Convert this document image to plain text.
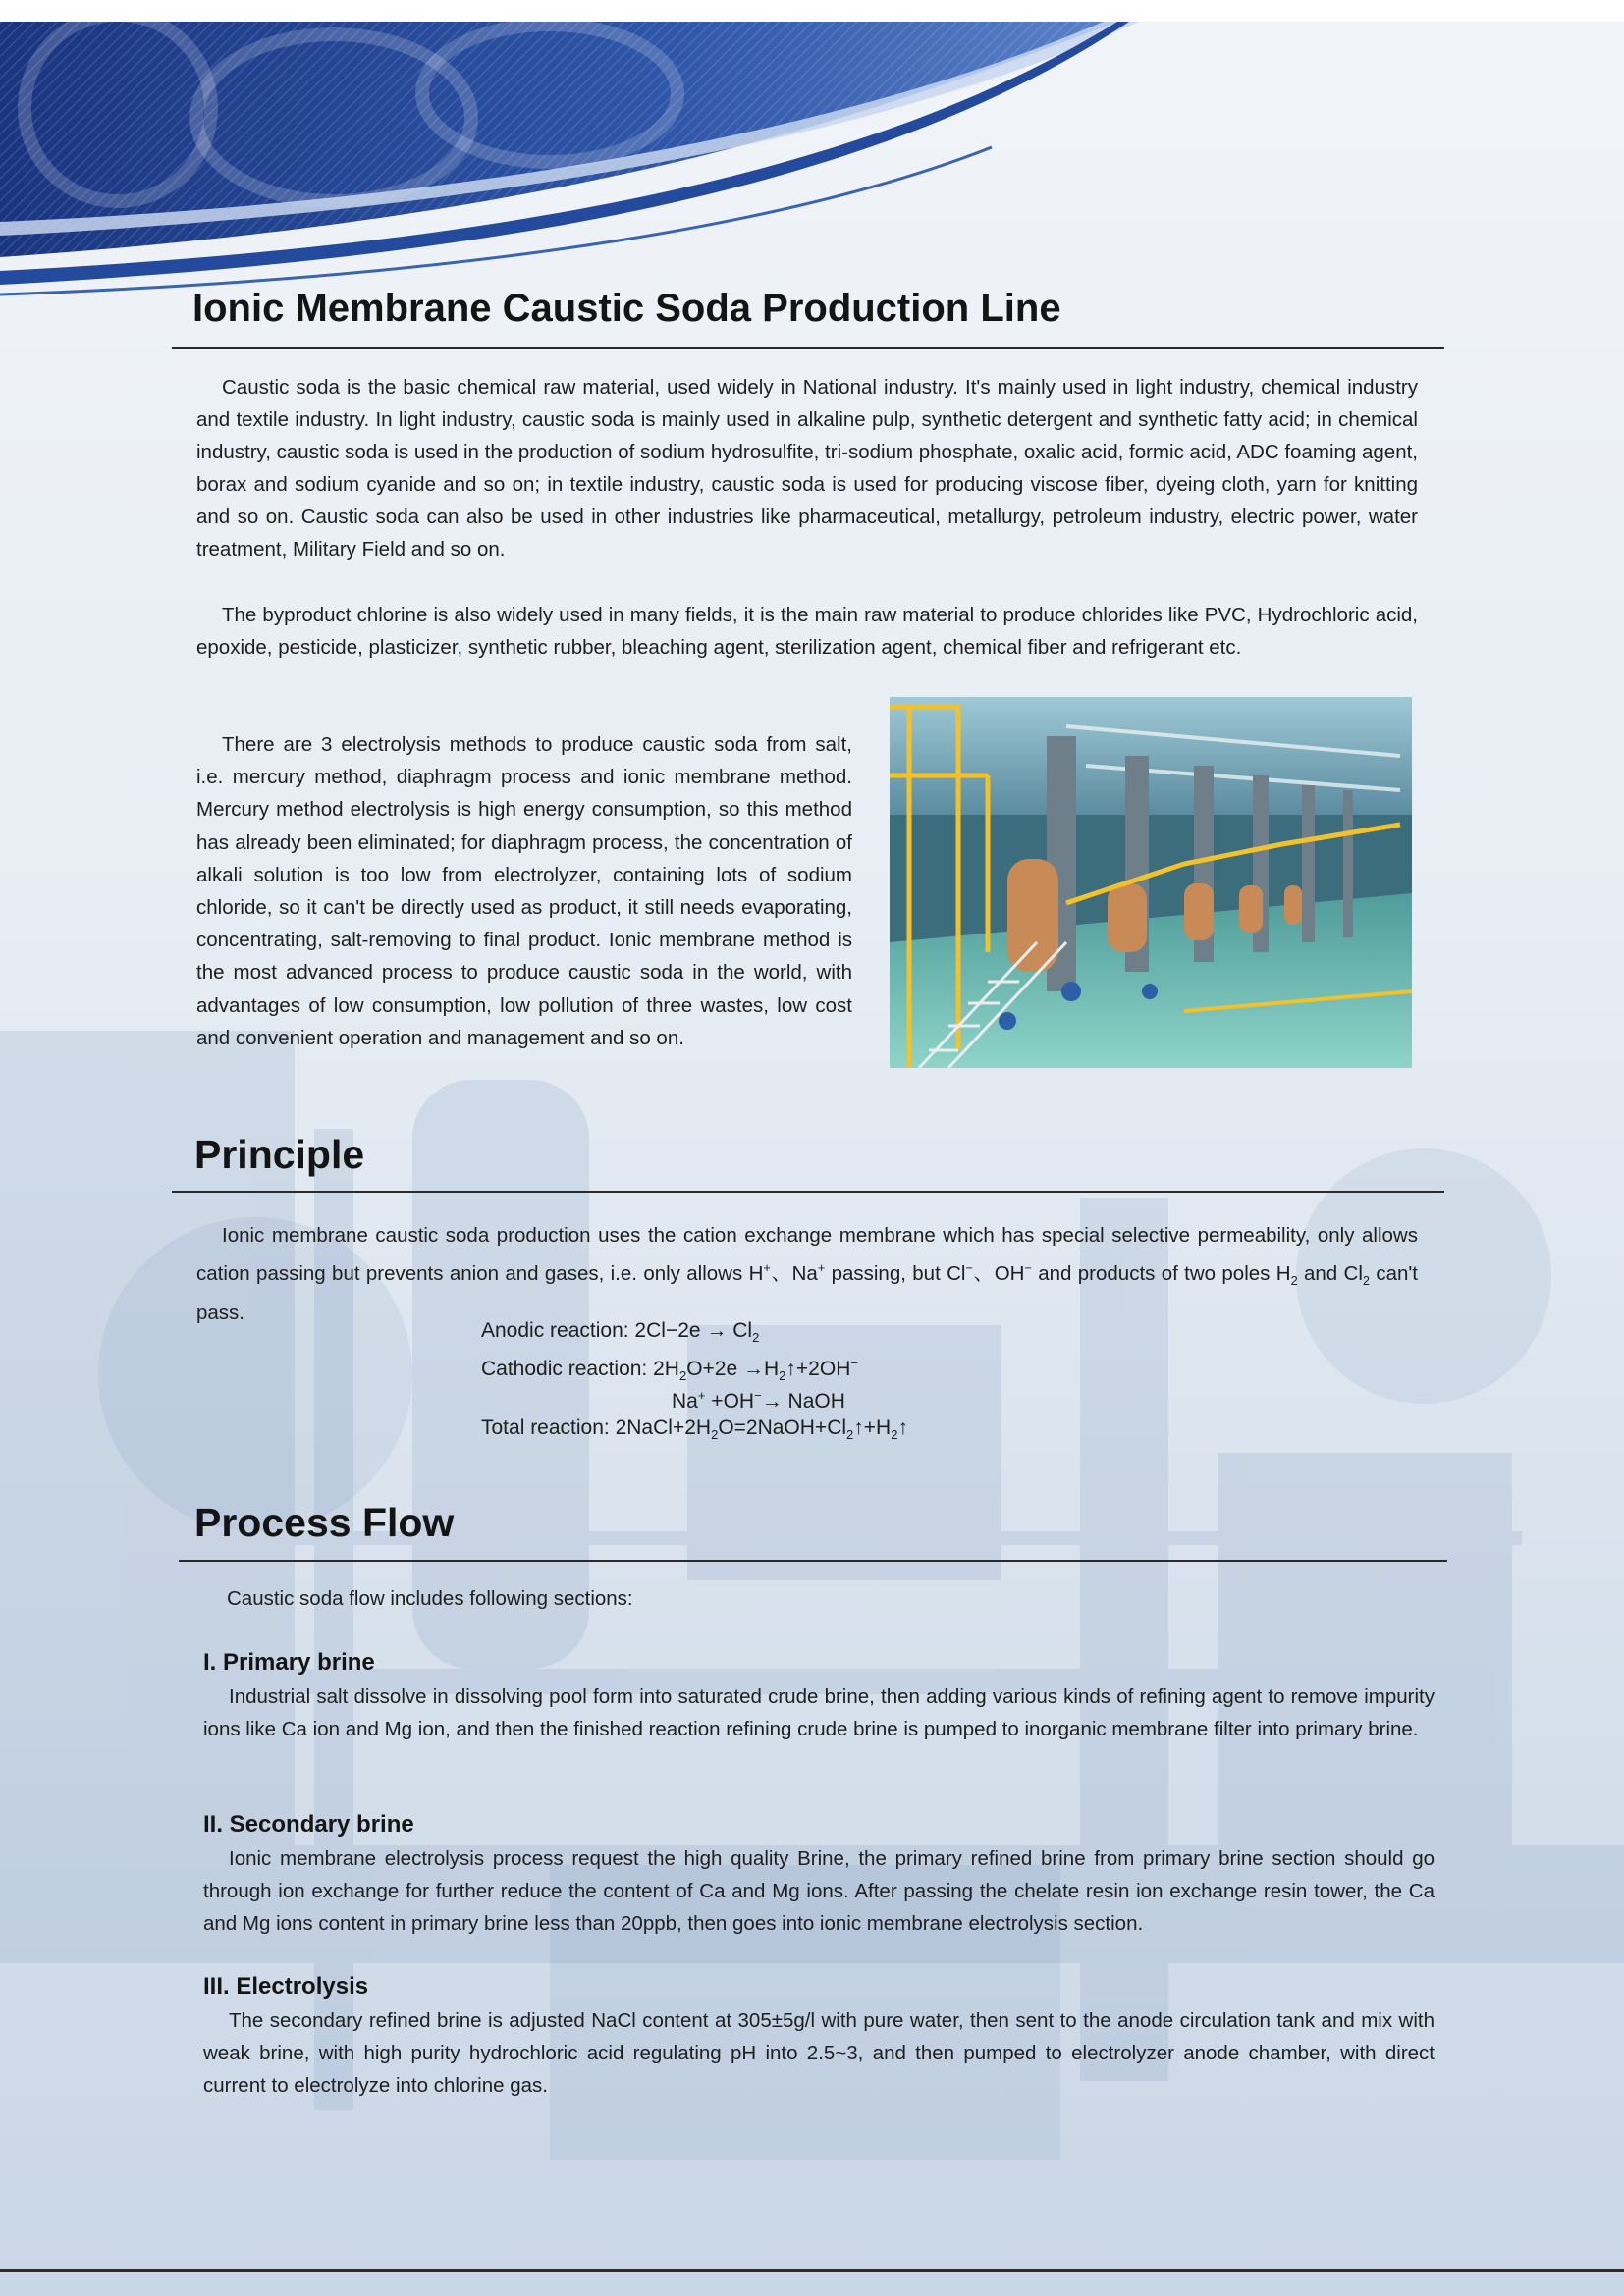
Ionic Membrane Caustic Soda Production Line

Caustic soda is the basic chemical raw material, used widely in National industry. It's mainly used in light industry, chemical industry and textile industry. In light industry, caustic soda is mainly used in alkaline pulp, synthetic detergent and synthetic fatty acid; in chemical industry, caustic soda is used in the production of sodium hydrosulfite, tri-sodium phosphate, oxalic acid, formic acid, ADC foaming agent, borax and sodium cyanide and so on; in textile industry, caustic soda is used for producing viscose fiber, dyeing cloth, yarn for knitting and so on. Caustic soda can also be used in other industries like pharmaceutical, metallurgy, petroleum industry, electric power, water treatment, Military Field and so on.

The byproduct chlorine is also widely used in many fields, it is the main raw material to produce chlorides like PVC, Hydrochloric acid, epoxide, pesticide, plasticizer, synthetic rubber, bleaching agent, sterilization agent, chemical fiber and refrigerant etc.

There are 3 electrolysis methods to produce caustic soda from salt, i.e. mercury method, diaphragm process and ionic membrane method. Mercury method electrolysis is high energy consumption, so this method has already been eliminated; for diaphragm process, the concentration of alkali solution is too low from electrolyzer, containing lots of sodium chloride, so it can't be directly used as product, it still needs evaporating, concentrating, salt-removing to final product. Ionic membrane method is the most advanced process to produce caustic soda in the world, with advantages of low consumption, low pollution of three wastes, low cost and convenient operation and management and so on.

Principle

Ionic membrane caustic soda production uses the cation exchange membrane which has special selective permeability, only allows cation passing but prevents anion and gases, i.e. only allows H+、Na+ passing, but Cl−、OH− and products of two poles $H_2$ and $Cl_2$ can't pass.

Anodic reaction: $2Cl-2e \to Cl_2$
Cathodic reaction: $2H_2O+2e$ $\to H_2↑+2OH^-$
Na+ +OH−→ NaOH
Total reaction: $2NaCl+2H_2O=2NaOH+Cl_2↑+H_2↑$
Process Flow

Caustic soda flow includes following sections:

I. Primary brine

Industrial salt dissolve in dissolving pool form into saturated crude brine, then adding various kinds of refining agent to remove impurity ions like Ca ion and Mg ion, and then the finished reaction refining crude brine is pumped to inorganic membrane filter into primary brine.

II. Secondary brine

Ionic membrane electrolysis process request the high quality Brine, the primary refined brine from primary brine section should go through ion exchange for further reduce the content of Ca and Mg ions. After passing the chelate resin ion exchange resin tower, the Ca and Mg ions content in primary brine less than 20ppb, then goes into ionic membrane electrolysis section.

III. Electrolysis

The secondary refined brine is adjusted NaCl content at 305±5g/l with pure water, then sent to the anode circulation tank and mix with weak brine, with high purity hydrochloric acid regulating pH into 2.5~3, and then pumped to electrolyzer anode chamber, with direct current to electrolyze into chlorine gas.
